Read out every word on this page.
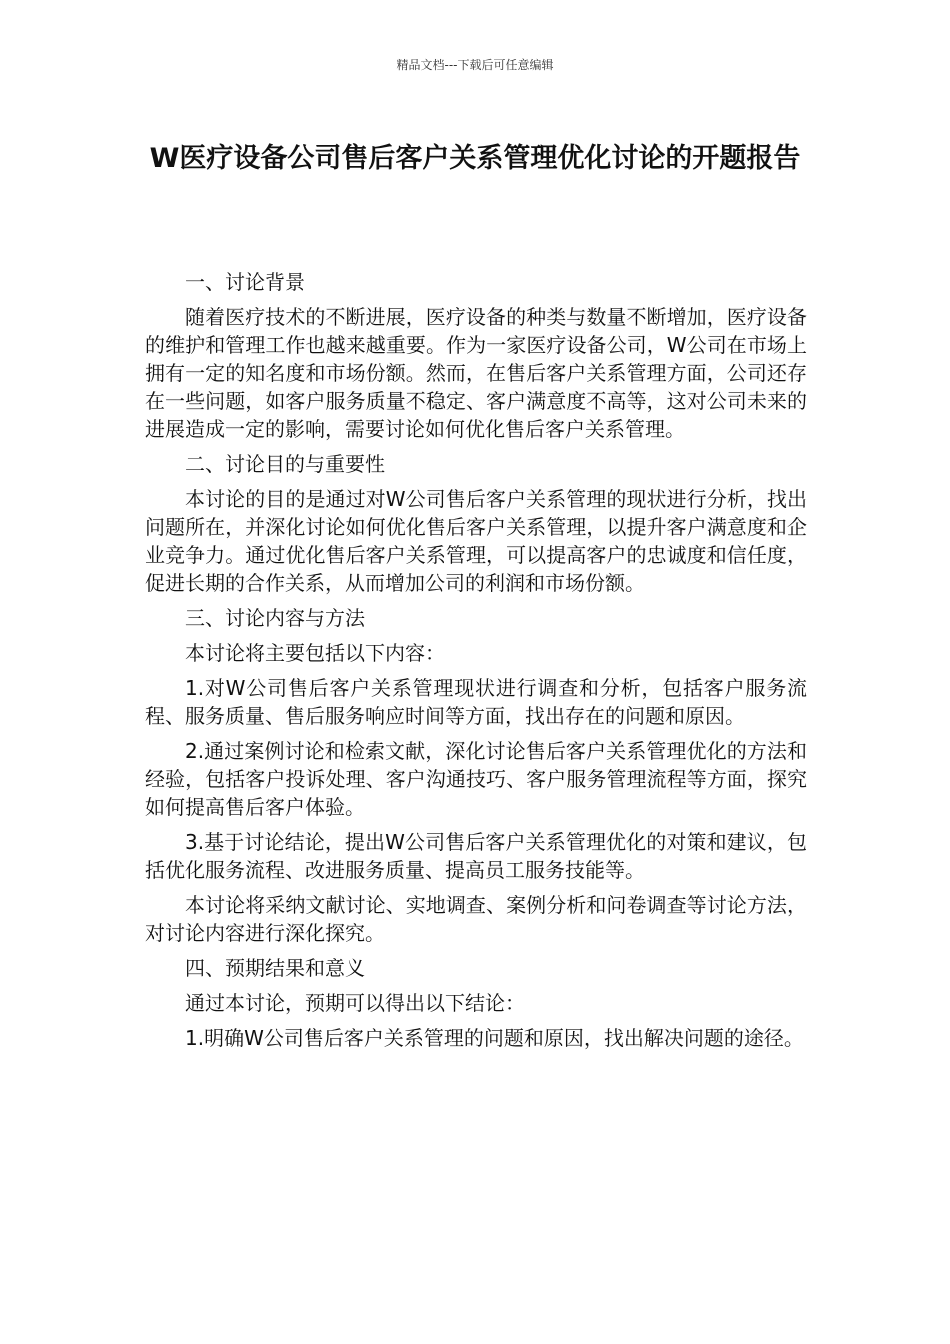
精品文档---下载后可任意编辑
W医疗设备公司售后客户关系管理优化讨论的开题报告

一、讨论背景

随着医疗技术的不断进展，医疗设备的种类与数量不断增加，医疗设备的维护和管理工作也越来越重要。作为一家医疗设备公司，W公司在市场上拥有一定的知名度和市场份额。然而，在售后客户关系管理方面，公司还存在一些问题，如客户服务质量不稳定、客户满意度不高等，这对公司未来的进展造成一定的影响，需要讨论如何优化售后客户关系管理。

二、讨论目的与重要性

本讨论的目的是通过对W公司售后客户关系管理的现状进行分析，找出问题所在，并深化讨论如何优化售后客户关系管理，以提升客户满意度和企业竞争力。通过优化售后客户关系管理，可以提高客户的忠诚度和信任度，促进长期的合作关系，从而增加公司的利润和市场份额。

三、讨论内容与方法

本讨论将主要包括以下内容：

1.对W公司售后客户关系管理现状进行调查和分析，包括客户服务流程、服务质量、售后服务响应时间等方面，找出存在的问题和原因。

2.通过案例讨论和检索文献，深化讨论售后客户关系管理优化的方法和经验，包括客户投诉处理、客户沟通技巧、客户服务管理流程等方面，探究如何提高售后客户体验。

3.基于讨论结论，提出W公司售后客户关系管理优化的对策和建议，包括优化服务流程、改进服务质量、提高员工服务技能等。

本讨论将采纳文献讨论、实地调查、案例分析和问卷调查等讨论方法，对讨论内容进行深化探究。

四、预期结果和意义

通过本讨论，预期可以得出以下结论：

1.明确W公司售后客户关系管理的问题和原因，找出解决问题的途径。
